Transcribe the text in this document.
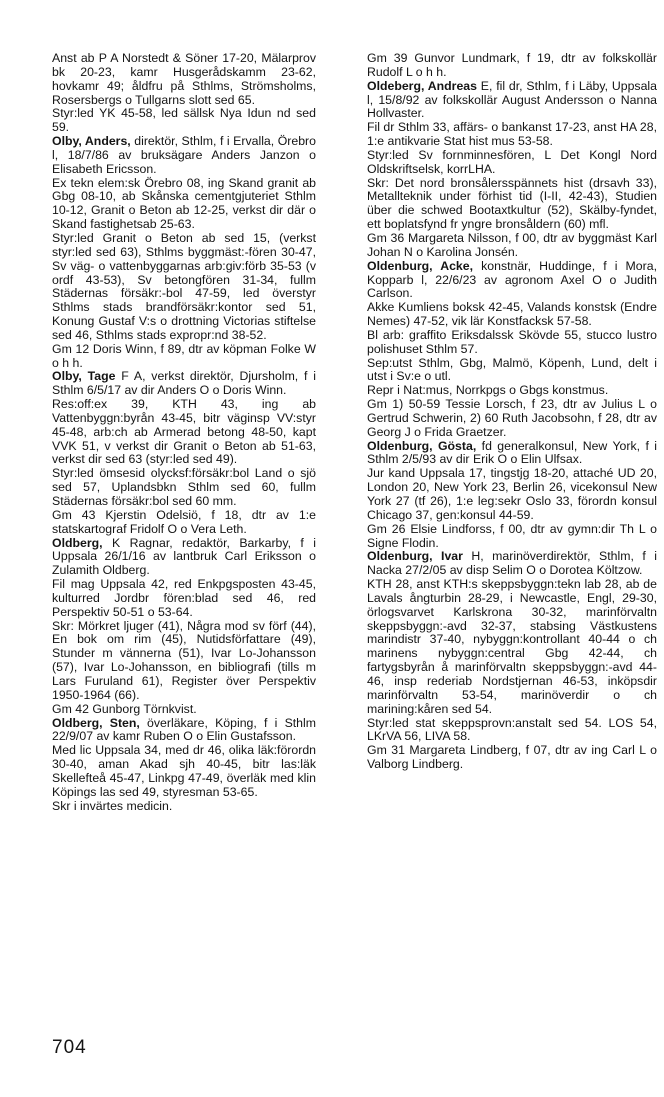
Anst ab P A Norstedt & Söner 17-20, Mälarprov bk 20-23, kamr Husgerådskamm 23-62, hovkamr 49; åldfru på Sthlms, Strömsholms, Rosersbergs o Tullgarns slott sed 65.

Styr:led YK 45-58, led sällsk Nya Idun nd sed 59.

Olby, Anders, direktör, Sthlm, f i Ervalla, Örebro l, 18/7/86 av bruksägare Anders Janzon o Elisabeth Ericsson.

Ex tekn elem:sk Örebro 08, ing Skand granit ab Gbg 08-10, ab Skånska cementgjuteriet Sthlm 10-12, Granit o Beton ab 12-25, verkst dir där o Skand fastighetsab 25-63.

Styr:led Granit o Beton ab sed 15, (verkst styr:led sed 63), Sthlms byggmäst:-fören 30-47, Sv väg- o vattenbyggarnas arb:giv:förb 35-53 (v ordf 43-53), Sv betongfören 31-34, fullm Städernas försäkr:-bol 47-59, led överstyr Sthlms stads brandförsäkr:kontor sed 51, Konung Gustaf V:s o drottning Victorias stiftelse sed 46, Sthlms stads expropr:nd 38-52.

Gm 12 Doris Winn, f 89, dtr av köpman Folke W o h h.

Olby, Tage F A, verkst direktör, Djursholm, f i Sthlm 6/5/17 av dir Anders O o Doris Winn.

Res:off:ex 39, KTH 43, ing ab Vattenbyggn:byrån 43-45, bitr väginsp VV:styr 45-48, arb:ch ab Armerad betong 48-50, kapt VVK 51, v verkst dir Granit o Beton ab 51-63, verkst dir sed 63 (styr:led sed 49).

Styr:led ömsesid olycksf:försäkr:bol Land o sjö sed 57, Uplandsbkn Sthlm sed 60, fullm Städernas försäkr:bol sed 60 mm.

Gm 43 Kjerstin Odelsiö, f 18, dtr av 1:e statskartograf Fridolf O o Vera Leth.

Oldberg, K Ragnar, redaktör, Barkarby, f i Uppsala 26/1/16 av lantbruk Carl Eriksson o Zulamith Oldberg.

Fil mag Uppsala 42, red Enkpgsposten 43-45, kulturred Jordbr fören:blad sed 46, red Perspektiv 50-51 o 53-64.

Skr: Mörkret ljuger (41), Några mod sv förf (44), En bok om rim (45), Nutidsförfattare (49), Stunder m vännerna (51), Ivar Lo-Johansson (57), Ivar Lo-Johansson, en bibliografi (tills m Lars Furuland 61), Register över Perspektiv 1950-1964 (66).

Gm 42 Gunborg Törnkvist.

Oldberg, Sten, överläkare, Köping, f i Sthlm 22/9/07 av kamr Ruben O o Elin Gustafsson.

Med lic Uppsala 34, med dr 46, olika läk:förordn 30-40, aman Akad sjh 40-45, bitr las:läk Skellefteå 45-47, Linkpg 47-49, överläk med klin Köpings las sed 49, styresman 53-65.

Skr i invärtes medicin.

Gm 39 Gunvor Lundmark, f 19, dtr av folkskollär Rudolf L o h h.

Oldeberg, Andreas E, fil dr, Sthlm, f i Läby, Uppsala l, 15/8/92 av folkskollär August Andersson o Nanna Hollvaster.

Fil dr Sthlm 33, affärs- o bankanst 17-23, anst HA 28, 1:e antikvarie Stat hist mus 53-58.

Styr:led Sv fornminnesfören, L Det Kongl Nord Oldskriftselsk, korrLHA.

Skr: Det nord bronsålersspännets hist (drsavh 33), Metallteknik under förhist tid (I-II, 42-43), Studien über die schwed Bootaxtkultur (52), Skälby-fyndet, ett boplatsfynd fr yngre bronsåldern (60) mfl.

Gm 36 Margareta Nilsson, f 00, dtr av byggmäst Karl Johan N o Karolina Jonsén.

Oldenburg, Acke, konstnär, Huddinge, f i Mora, Kopparb l, 22/6/23 av agronom Axel O o Judith Carlson.

Akke Kumliens boksk 42-45, Valands konstsk (Endre Nemes) 47-52, vik lär Konstfacksk 57-58.

Bl arb: graffito Eriksdalssk Skövde 55, stucco lustro polishuset Sthlm 57.

Sep:utst Sthlm, Gbg, Malmö, Köpenh, Lund, delt i utst i Sv:e o utl.

Repr i Nat:mus, Norrkpgs o Gbgs konstmus.

Gm 1) 50-59 Tessie Lorsch, f 23, dtr av Julius L o Gertrud Schwerin, 2) 60 Ruth Jacobsohn, f 28, dtr av Georg J o Frida Graetzer.

Oldenburg, Gösta, fd generalkonsul, New York, f i Sthlm 2/5/93 av dir Erik O o Elin Ulfsax.

Jur kand Uppsala 17, tingstjg 18-20, attaché UD 20, London 20, New York 23, Berlin 26, vicekonsul New York 27 (tf 26), 1:e leg:sekr Oslo 33, förordn konsul Chicago 37, gen:konsul 44-59.

Gm 26 Elsie Lindforss, f 00, dtr av gymn:dir Th L o Signe Flodin.

Oldenburg, Ivar H, marinöverdirektör, Sthlm, f i Nacka 27/2/05 av disp Selim O o Dorotea Költzow.

KTH 28, anst KTH:s skeppsbyggn:tekn lab 28, ab de Lavals ångturbin 28-29, i Newcastle, Engl, 29-30, örlogsvarvet Karlskrona 30-32, marinförvaltn skeppsbyggn:-avd 32-37, stabsing Västkustens marindistr 37-40, nybyggn:kontrollant 40-44 o ch marinens nybyggn:central Gbg 42-44, ch fartygsbyrån å marinförvaltn skeppsbyggn:-avd 44-46, insp rederiab Nordstjernan 46-53, inköpsdir marinförvaltn 53-54, marinöverdir o ch marining:kåren sed 54.

Styr:led stat skeppsprovn:anstalt sed 54. LOS 54, LKrVA 56, LIVA 58.

Gm 31 Margareta Lindberg, f 07, dtr av ing Carl L o Valborg Lindberg.

704
